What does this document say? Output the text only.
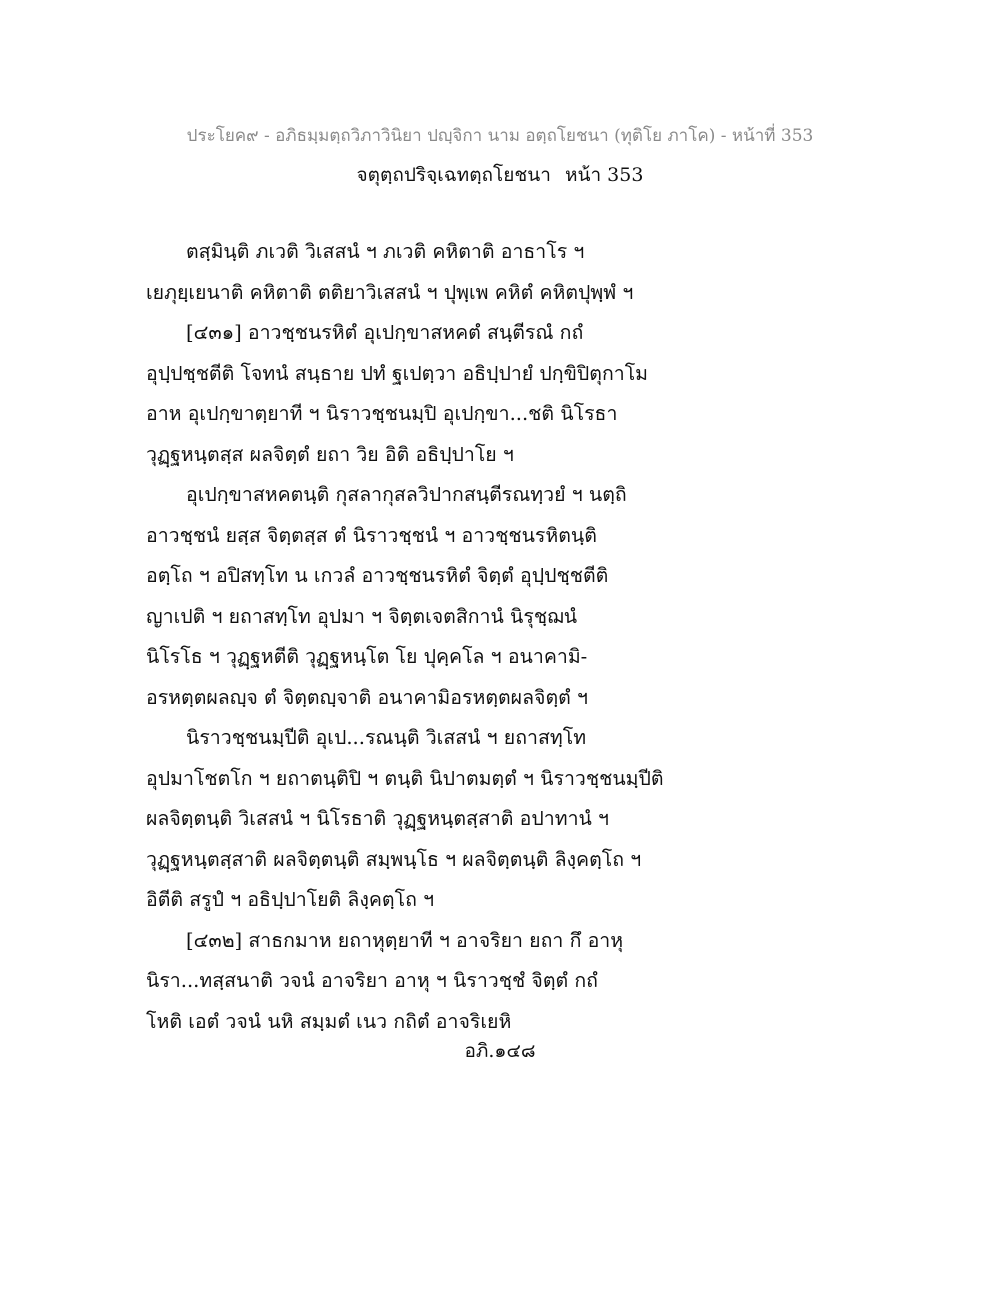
ประโยค๙ - อภิธมฺมตฺถวิภาวินิยา ปญฺจิกา นาม อตฺถโยชนา (ทุติโย ภาโค) - หน้าที่ 353
จตุตฺถปริจฺเฉทตฺถโยชนา หน้า 353
ตสฺมินฺติ ภเวติ วิเสสนํ ฯ ภเวติ คหิตาติ อาธาโร ฯ
เยภุยฺเยนาติ คหิตาติ ตติยาวิเสสนํ ฯ ปุพฺเพ คหิตํ คหิตปุพฺพํ ฯ
[๔๓๑] อาวชฺชนรหิตํ อุเปกฺขาสหคตํ สนฺตีรณํ กถํ
อุปฺปชฺชตีติ โจทนํ สนฺธาย ปทํ ฐเปตฺวา อธิปฺปายํ ปกฺขิปิตุกาโม
อาห อุเปกฺขาตฺยาที ฯ นิราวชฺชนมฺปิ อุเปกฺขา...ชติ นิโรธา
วุฏฺฐหนฺตสฺส ผลจิตฺตํ ยถา วิย อิติ อธิปฺปาโย ฯ
อุเปกฺขาสหคตนฺติ กุสลากุสลวิปากสนฺตีรณทฺวยํ ฯ นตฺถิ
อาวชฺชนํ ยสฺส จิตฺตสฺส ตํ นิราวชฺชนํ ฯ อาวชฺชนรหิตนฺติ
อตฺโถ ฯ อปิสทฺโท น เกวลํ อาวชฺชนรหิตํ จิตฺตํ อุปฺปชฺชตีติ
ญาเปติ ฯ ยถาสทฺโท อุปมา ฯ จิตฺตเจตสิกานํ นิรุชฺฌนํ
นิโรโธ ฯ วุฏฺฐหตีติ วุฏฺฐหนฺโต โย ปุคฺคโล ฯ อนาคามิ-
อรหตฺตผลญฺจ ตํ จิตฺตญฺจาติ อนาคามิอรหตฺตผลจิตฺตํ ฯ
นิราวชฺชนมฺปีติ อุเป...รณนฺติ วิเสสนํ ฯ ยถาสทฺโท
อุปมาโชตโก ฯ ยถาตนฺติปิ ฯ ตนฺติ นิปาตมตฺตํ ฯ นิราวชฺชนมฺปีติ
ผลจิตฺตนฺติ วิเสสนํ ฯ นิโรธาติ วุฏฺฐหนฺตสฺสาติ อปาทานํ ฯ
วุฏฺฐหนฺตสฺสาติ ผลจิตฺตนฺติ สมฺพนฺโธ ฯ ผลจิตฺตนฺติ ลิงฺคตฺโถ ฯ
อิตีติ สรูปํ ฯ อธิปฺปาโยติ ลิงฺคตฺโถ ฯ
[๔๓๒] สาธกมาห ยถาหุตฺยาที ฯ อาจริยา ยถา กึ อาหุ
นิรา...ทสฺสนาติ วจนํ อาจริยา อาหุ ฯ นิราวชฺชํ จิตฺตํ กถํ
โหติ เอตํ วจนํ นหิ สมฺมตํ เนว กถิตํ อาจริเยหิ
อภิ.๑๔๘
